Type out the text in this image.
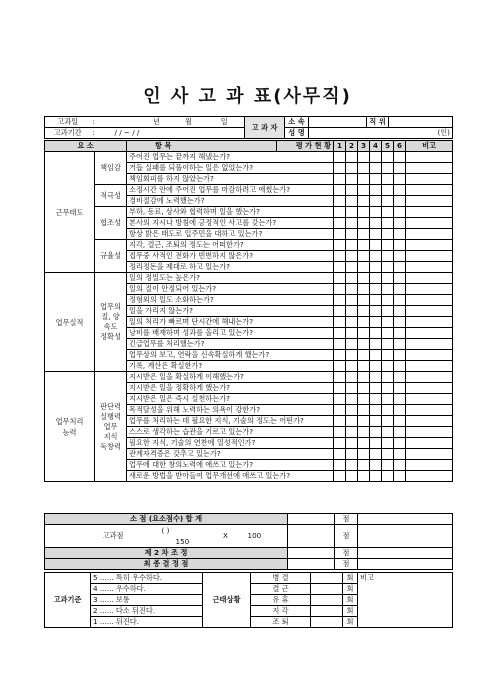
인 사 고 과 표(사무직)
고과일	:		년	월	일	고 과 자	소 속		직 위	
고과기간	:	/ / ~ / /					성 명			(인)
요 소		항 목	평 가 현 황	1	2	3	4	5	6	비고

근무태도	책임감	주어진 업무는 끝까지 해냈는가?								
		거듭 실패를 되풀이하는 일은 없었는가?								
		책임회피를 하지 않았는가?								

	적극성	소정시간 안에 주어진 업무를 마감하려고 애썼는가?								
		경비절감에 노력했는가?								

	협조성	부하, 동료, 상사와 협력하며 일을 했는가?								
		본사의 지시나 방침에 긍정적인 사고를 갖는가?								
		항상 밝은 태도로 입주민을 대하고 있는가?								

	규율성	지각, 결근, 조퇴의 정도는 어떠한가?								
		접무중 사적인 전화가 빈번하지 않은가?								
		정리정돈을 제대로 하고 있는가?								

업무실적	업무의
질, 양
속도
정확성	일의 정밀도는 높은가?								
		일의 질이 안정되어 있는가?								
		정형외의 일도 소화하는가?								
		일을 가리지 않는가?								
		일의 처리가 빠르며 단시간에 해내는가?								
		낭비를 배재하며 성과를 올리고 있는가?								
		긴급업무를 처리했는가?								
		업무상의 보고, 연락을 신속확실하게 했는가?								
		기록, 계산은 확실한가?								

업무처리
능력	판단력
실행력
업무
지식
독창력	지시받은 일을 확실하게 이해했는가?								
		지시받은 일을 정확하게 했는가?								
		지시받은 일은 즉시 실천하는가?								
		목적달성을 위해 노력하는 의욕이 강한가?								
		업무를 처리하는 데 필요한 지식, 기술의 정도는 어떤가?								
		스스로 생각하는 습관을 기르고 있는가?								
		필요한 지식, 기술의 연찬에 열성적인가?								
		관계자격증은 갖추고 있는가?								
		업무에 대한 창의노력에 애쓰고 있는가?								
		새로운 방법을 받아들여 업무개선에 애쓰고 있는가?								
소 점 (요소점수) 합 계					점	
고과점	( )	X	100		점	
	150					
제 2 차 조 정					점	
최 종 결 정 점					점	
고과기준	5 ...... 특히 우수하다.	근태상황	병 결		회	비고
	4 ...... 우수하다.		결 근		회	
	3 ...... 보통		유 휴		회	
	2 ...... 다소 뒤진다.		지 각		회	
	1 ...... 뒤진다.		조 퇴		회	
